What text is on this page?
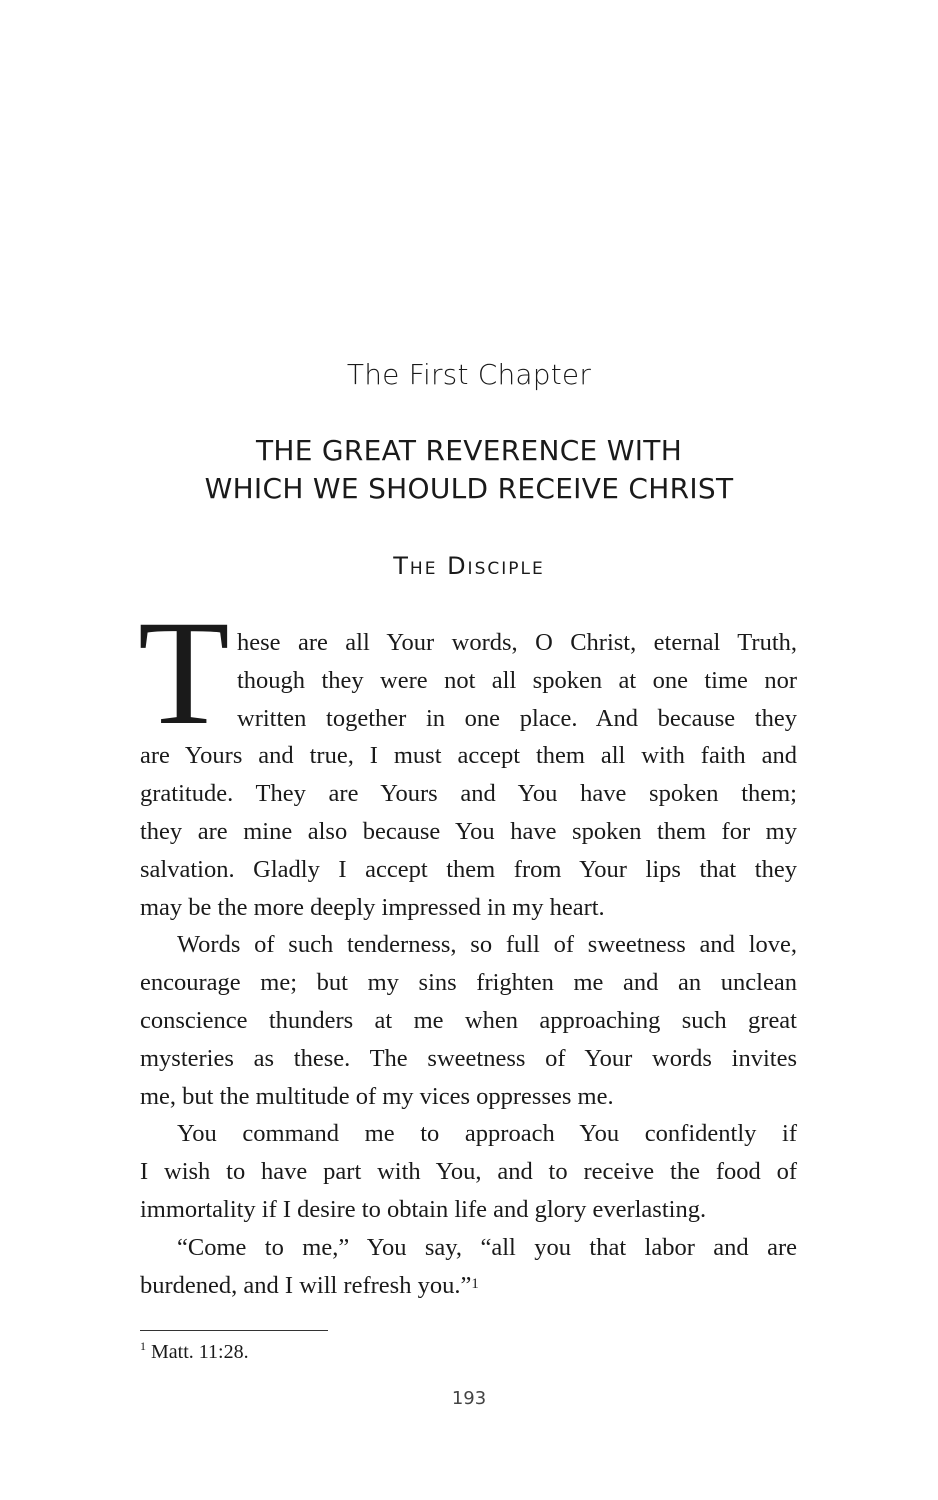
The First Chapter
THE GREAT REVERENCE WITH
WHICH WE SHOULD RECEIVE CHRIST
The Disciple
T hese are all Your words, O Christ, eternal Truth,
though they were not all spoken at one time nor
written together in one place. And because they
are Yours and true, I must accept them all with faith and
gratitude. They are Yours and You have spoken them;
they are mine also because You have spoken them for my
salvation. Gladly I accept them from Your lips that they
may be the more deeply impressed in my heart.
Words of such tenderness, so full of sweetness and love,
encourage me; but my sins frighten me and an unclean
conscience thunders at me when approaching such great
mysteries as these. The sweetness of Your words invites
me, but the multitude of my vices oppresses me.
You command me to approach You confidently if
I wish to have part with You, and to receive the food of
immortality if I desire to obtain life and glory everlasting.
“Come to me,” You say, “all you that labor and are
burdened, and I will refresh you.”$^1$
$^1$ Matt. 11:28.
193
